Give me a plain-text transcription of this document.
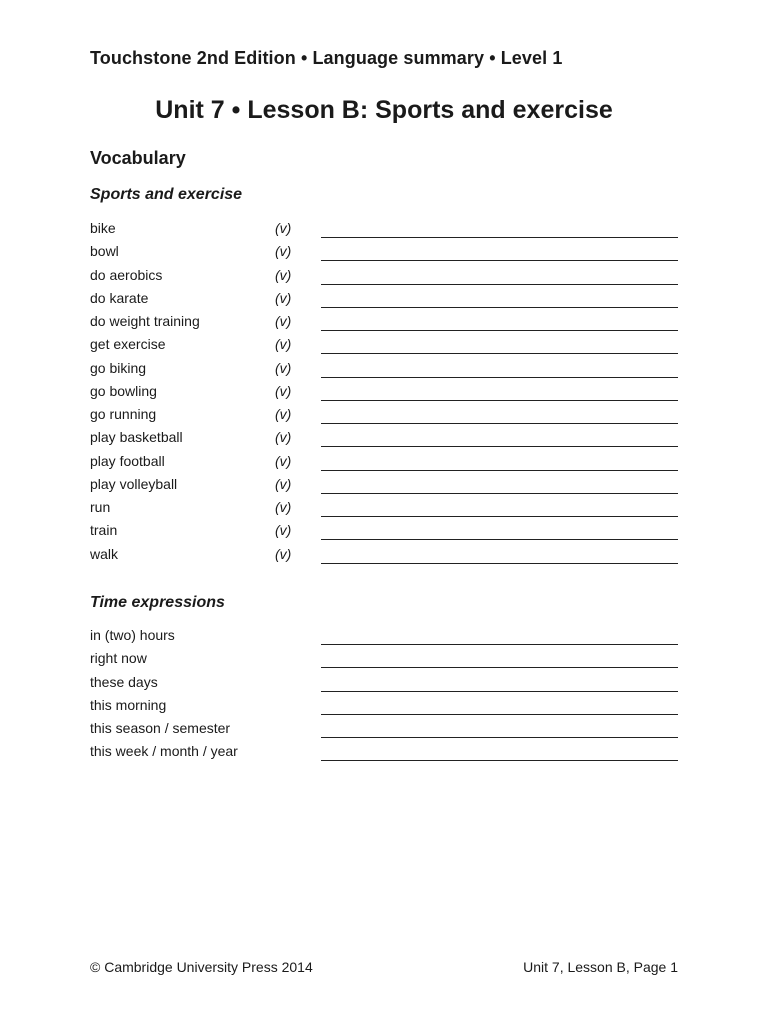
Touchstone 2nd Edition • Language summary • Level 1
Unit 7 • Lesson B: Sports and exercise
Vocabulary
Sports and exercise
bike	(v)
bowl	(v)
do aerobics	(v)
do karate	(v)
do weight training	(v)
get exercise	(v)
go biking	(v)
go bowling	(v)
go running	(v)
play basketball	(v)
play football	(v)
play volleyball	(v)
run	(v)
train	(v)
walk	(v)
Time expressions
in (two) hours
right now
these days
this morning
this season / semester
this week / month / year
© Cambridge University Press 2014	Unit 7, Lesson B, Page 1
